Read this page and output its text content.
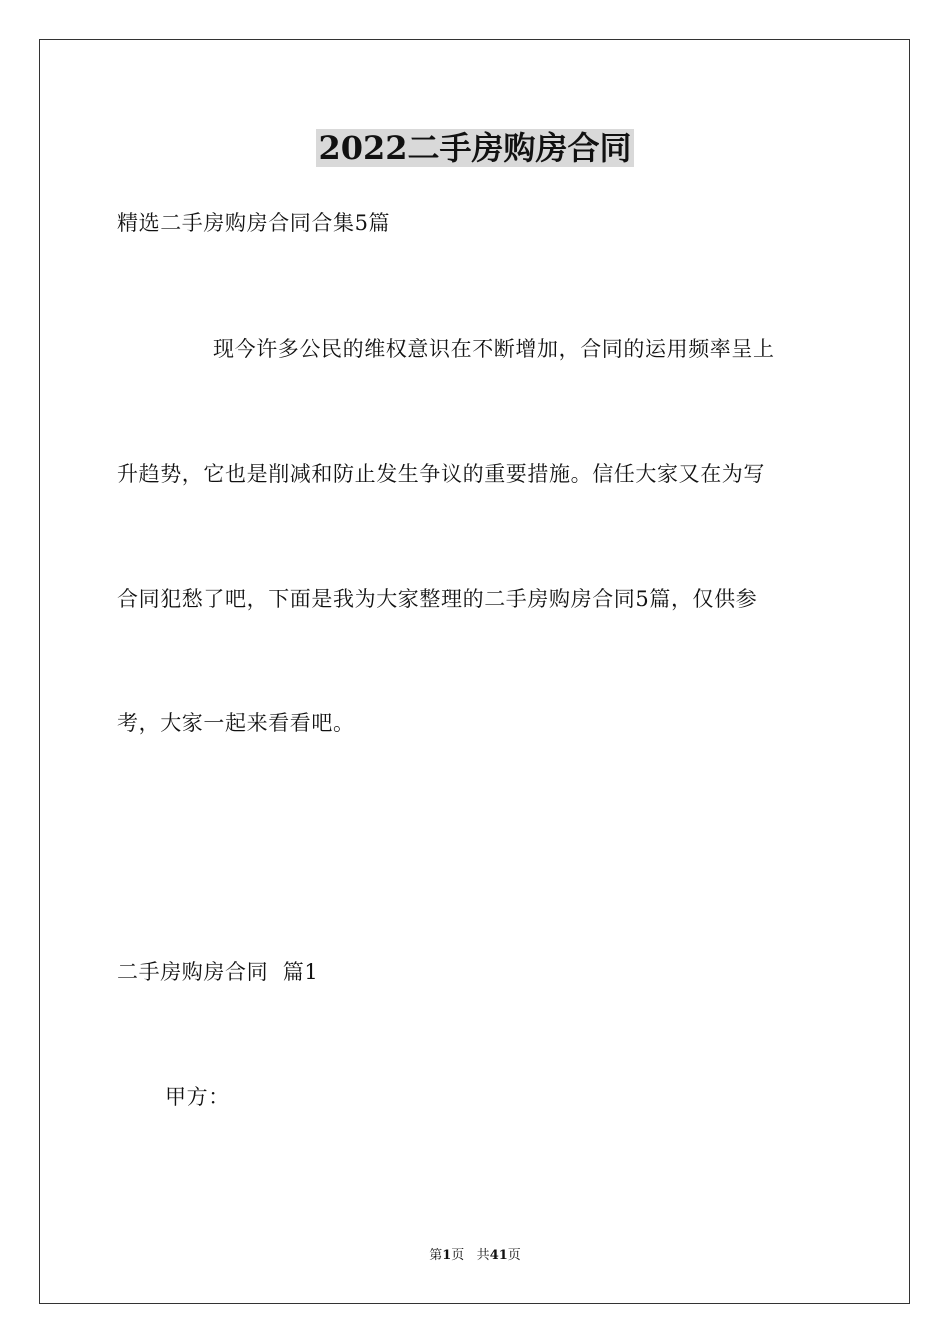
2022二手房购房合同

精选二手房购房合同合集5篇

现今许多公民的维权意识在不断增加，合同的运用频率呈上

升趋势，它也是削减和防止发生争议的重要措施。信任大家又在为写

合同犯愁了吧，下面是我为大家整理的二手房购房合同5篇，仅供参

考，大家一起来看看吧。

二手房购房合同  篇1

甲方：

第1页 共41页
